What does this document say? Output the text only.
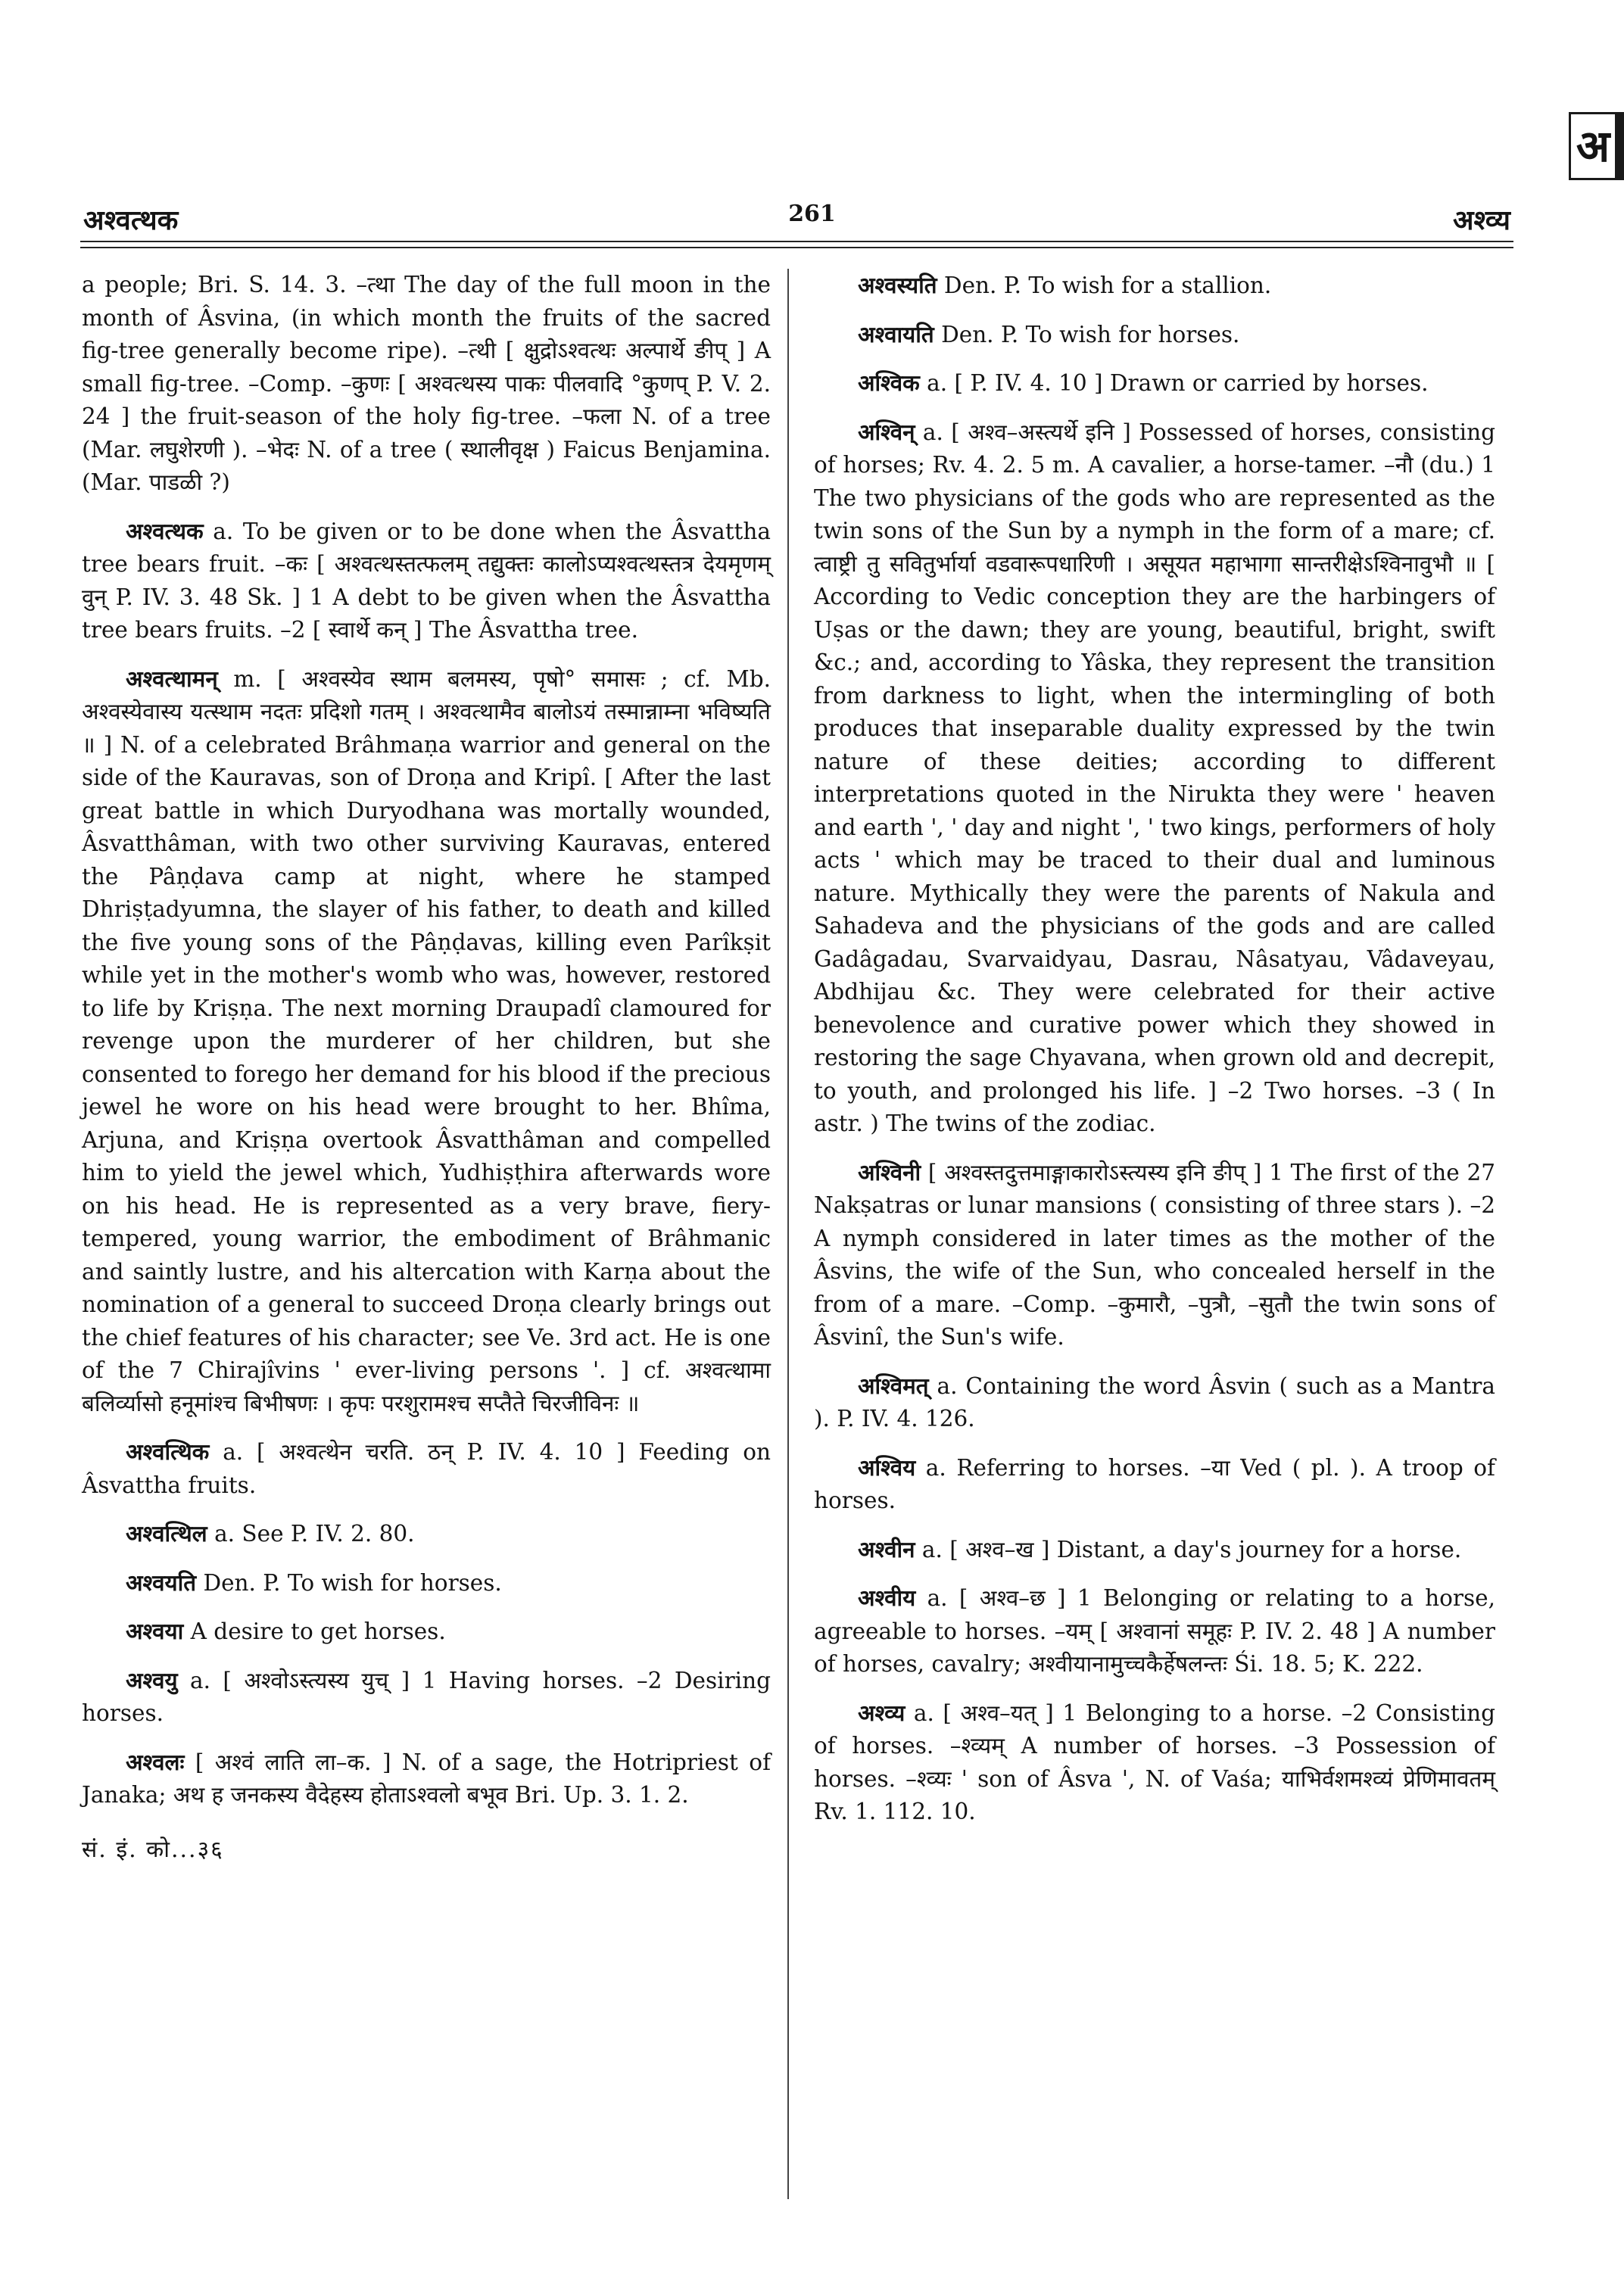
अ
अश्वत्थक	261	अश्व्य

a people; Bri. S. 14. 3. –त्था The day of the full moon in the month of Âsvina, (in which month the fruits of the sacred fig-tree generally become ripe). –त्थी [ क्षुद्रोऽश्वत्थः अल्पार्थे ङीप् ] A small fig-tree. –Comp. –कुणः [ अश्वत्थस्य पाकः पीलवादि °कुणप् P. V. 2. 24 ] the fruit-season of the holy fig-tree. –फला N. of a tree (Mar. लघुशेरणी ). –भेदः N. of a tree ( स्थालीवृक्ष ) Faicus Benjamina. (Mar. पाडळी ?)

अश्वत्थक a. To be given or to be done when the Âsvattha tree bears fruit. –कः [ अश्वत्थस्तत्फलम् तद्युक्तः कालोऽप्यश्वत्थस्तत्र देयमृणम् वुन् P. IV. 3. 48 Sk. ] 1 A debt to be given when the Âsvattha tree bears fruits. –2 [ स्वार्थे कन् ] The Âsvattha tree.

अश्वत्थामन् m. [ अश्वस्येव स्थाम बलमस्य, पृषो° समासः ; cf. Mb. अश्वस्येवास्य यत्स्थाम नदतः प्रदिशो गतम् । अश्वत्थामैव बालोऽयं तस्मान्नाम्ना भविष्यति ॥ ] N. of a celebrated Brâhmaṇa warrior and general on the side of the Kauravas, son of Droṇa and Kripî. [ After the last great battle in which Duryodhana was mortally wounded, Âsvatthâman, with two other surviving Kauravas, entered the Pâṇḍava camp at night, where he stamped Dhriṣṭadyumna, the slayer of his father, to death and killed the five young sons of the Pâṇḍavas, killing even Parîkṣit while yet in the mother's womb who was, however, restored to life by Kriṣṇa. The next morning Draupadî clamoured for revenge upon the murderer of her children, but she consented to forego her demand for his blood if the precious jewel he wore on his head were brought to her. Bhîma, Arjuna, and Kriṣṇa overtook Âsvatthâman and compelled him to yield the jewel which, Yudhiṣṭhira afterwards wore on his head. He is represented as a very brave, fiery-tempered, young warrior, the embodiment of Brâhmanic and saintly lustre, and his altercation with Karṇa about the nomination of a general to succeed Droṇa clearly brings out the chief features of his character; see Ve. 3rd act. He is one of the 7 Chirajîvins ' ever-living persons '. ] cf. अश्वत्थामा बलिर्व्यासो हनूमांश्च बिभीषणः । कृपः परशुरामश्च सप्तैते चिरजीविनः ॥

अश्वत्थिक a. [ अश्वत्थेन चरति. ठन् P. IV. 4. 10 ] Feeding on Âsvattha fruits.

अश्वत्थिल a. See P. IV. 2. 80.

अश्वयति Den. P. To wish for horses.

अश्वया A desire to get horses.

अश्वयु a. [ अश्वोऽस्त्यस्य युच् ] 1 Having horses. –2 Desiring horses.

अश्वलः [ अश्वं लाति ला–क. ] N. of a sage, the Hotripriest of Janaka; अथ ह जनकस्य वैदेहस्य होताऽश्वलो बभूव Bri. Up. 3. 1. 2.

सं. इं. को...३६

अश्वस्यति Den. P. To wish for a stallion.

अश्वायति Den. P. To wish for horses.

अश्विक a. [ P. IV. 4. 10 ] Drawn or carried by horses.

अश्विन् a. [ अश्व–अस्त्यर्थे इनि ] Possessed of horses, consisting of horses; Rv. 4. 2. 5 m. A cavalier, a horse-tamer. –नौ (du.) 1 The two physicians of the gods who are represented as the twin sons of the Sun by a nymph in the form of a mare; cf. त्वाष्ट्री तु सवितुर्भार्या वडवारूपधारिणी । असूयत महाभागा सान्तरीक्षेऽश्विनावुभौ ॥ [ According to Vedic conception they are the harbingers of Uṣas or the dawn; they are young, beautiful, bright, swift &c.; and, according to Yâska, they represent the transition from darkness to light, when the intermingling of both produces that inseparable duality expressed by the twin nature of these deities; according to different interpretations quoted in the Nirukta they were ' heaven and earth ', ' day and night ', ' two kings, performers of holy acts ' which may be traced to their dual and luminous nature. Mythically they were the parents of Nakula and Sahadeva and the physicians of the gods and are called Gadâgadau, Svarvaidyau, Dasrau, Nâsatyau, Vâdaveyau, Abdhijau &c. They were celebrated for their active benevolence and curative power which they showed in restoring the sage Chyavana, when grown old and decrepit, to youth, and prolonged his life. ] –2 Two horses. –3 ( In astr. ) The twins of the zodiac.

अश्विनी [ अश्वस्तदुत्तमाङ्गाकारोऽस्त्यस्य इनि ङीप् ] 1 The first of the 27 Nakṣatras or lunar mansions ( consisting of three stars ). –2 A nymph considered in later times as the mother of the Âsvins, the wife of the Sun, who concealed herself in the from of a mare. –Comp. –कुमारौ, –पुत्रौ, –सुतौ the twin sons of Âsvinî, the Sun's wife.

अश्विमत् a. Containing the word Âsvin ( such as a Mantra ). P. IV. 4. 126.

अश्विय a. Referring to horses. –या Ved ( pl. ). A troop of horses.

अश्वीन a. [ अश्व–ख ] Distant, a day's journey for a horse.

अश्वीय a. [ अश्व–छ ] 1 Belonging or relating to a horse, agreeable to horses. –यम् [ अश्वानां समूहः P. IV. 2. 48 ] A number of horses, cavalry; अश्वीयानामुच्चकैर्हेषलन्तः Śi. 18. 5; K. 222.

अश्व्य a. [ अश्व–यत् ] 1 Belonging to a horse. –2 Consisting of horses. –श्व्यम् A number of horses. –3 Possession of horses. –श्व्यः ' son of Âsva ', N. of Vaśa; याभिर्वशमश्व्यं प्रेणिमावतम् Rv. 1. 112. 10.
